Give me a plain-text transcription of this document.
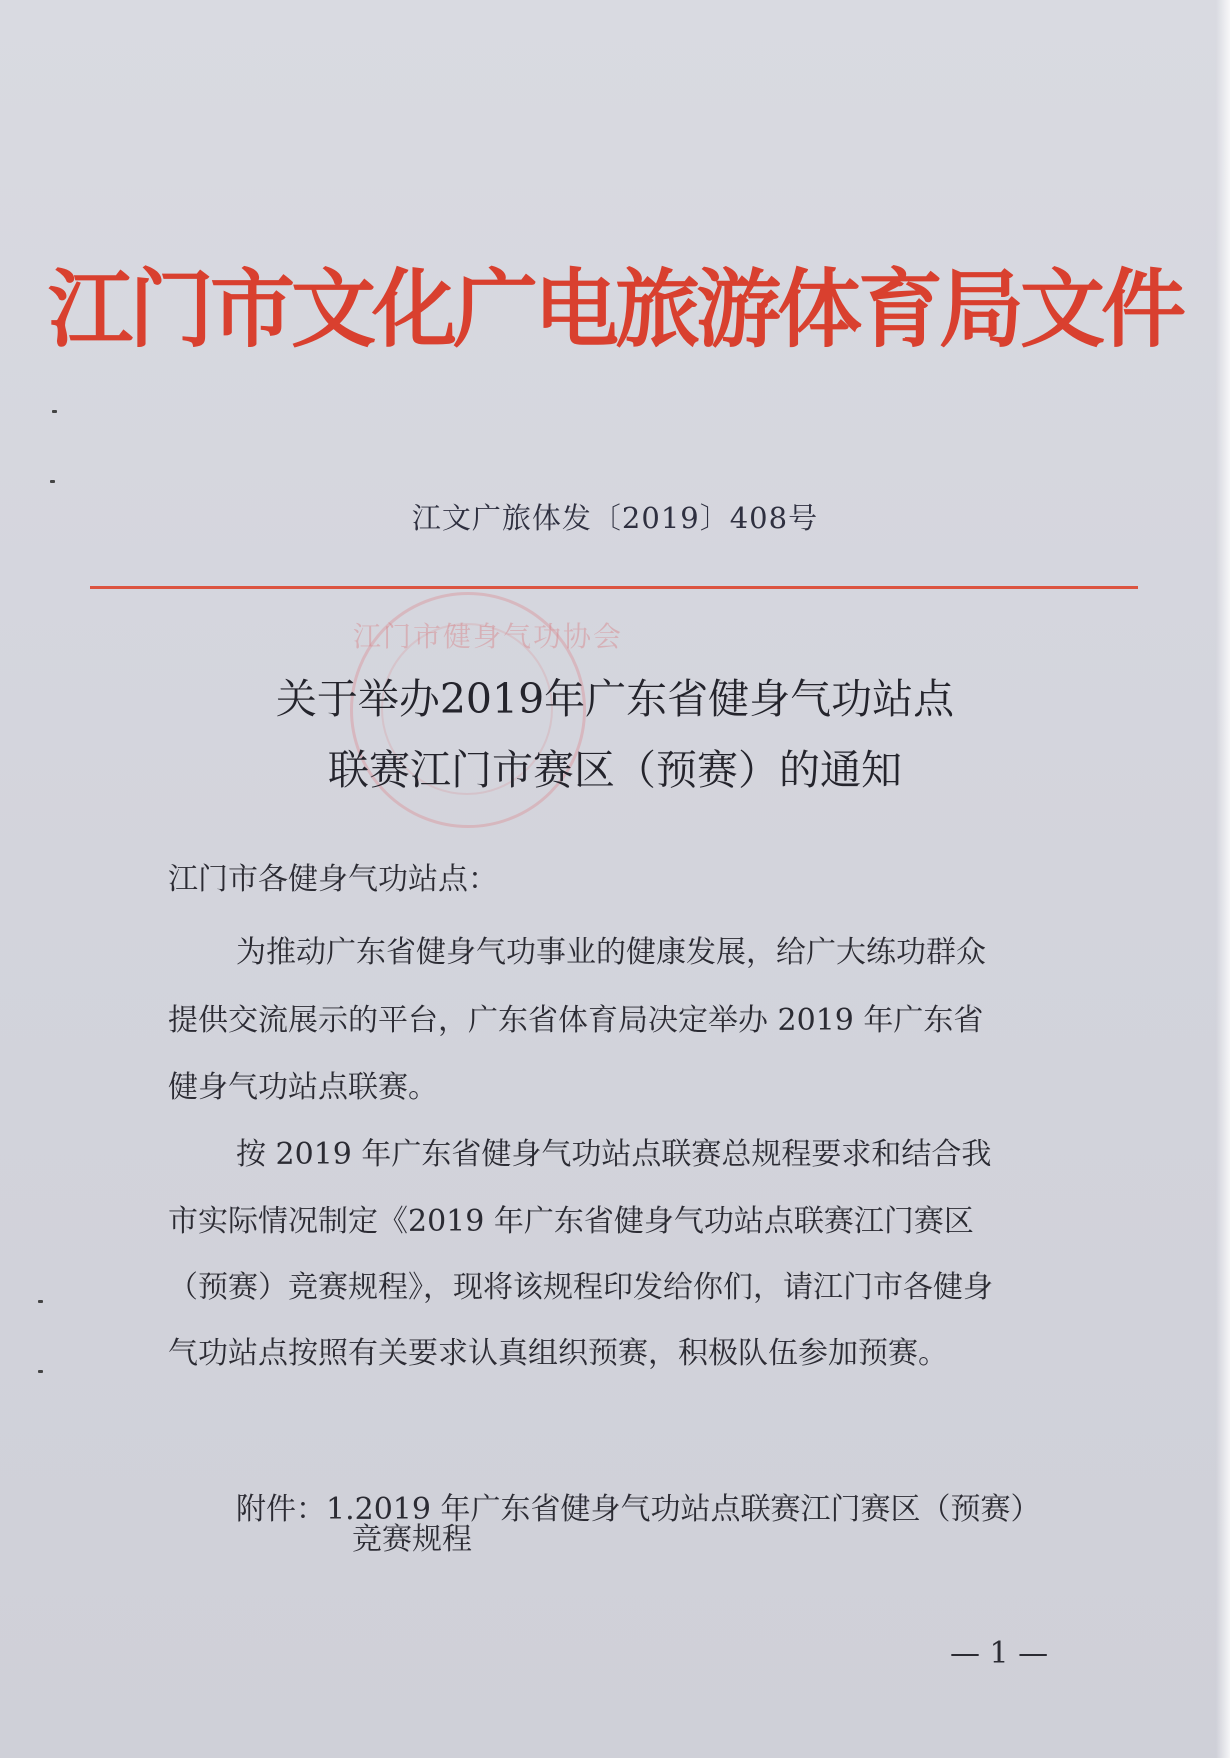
江门市文化广电旅游体育局文件
江文广旅体发〔2019〕408号
江门市健身气功协会
关于举办2019年广东省健身气功站点
联赛江门市赛区（预赛）的通知
江门市各健身气功站点：
为推动广东省健身气功事业的健康发展，给广大练功群众
提供交流展示的平台，广东省体育局决定举办 2019 年广东省
健身气功站点联赛。
按 2019 年广东省健身气功站点联赛总规程要求和结合我
市实际情况制定《2019 年广东省健身气功站点联赛江门赛区
（预赛）竞赛规程》，现将该规程印发给你们，请江门市各健身
气功站点按照有关要求认真组织预赛，积极队伍参加预赛。
附件：1.2019 年广东省健身气功站点联赛江门赛区（预赛）
竞赛规程
— 1 —
